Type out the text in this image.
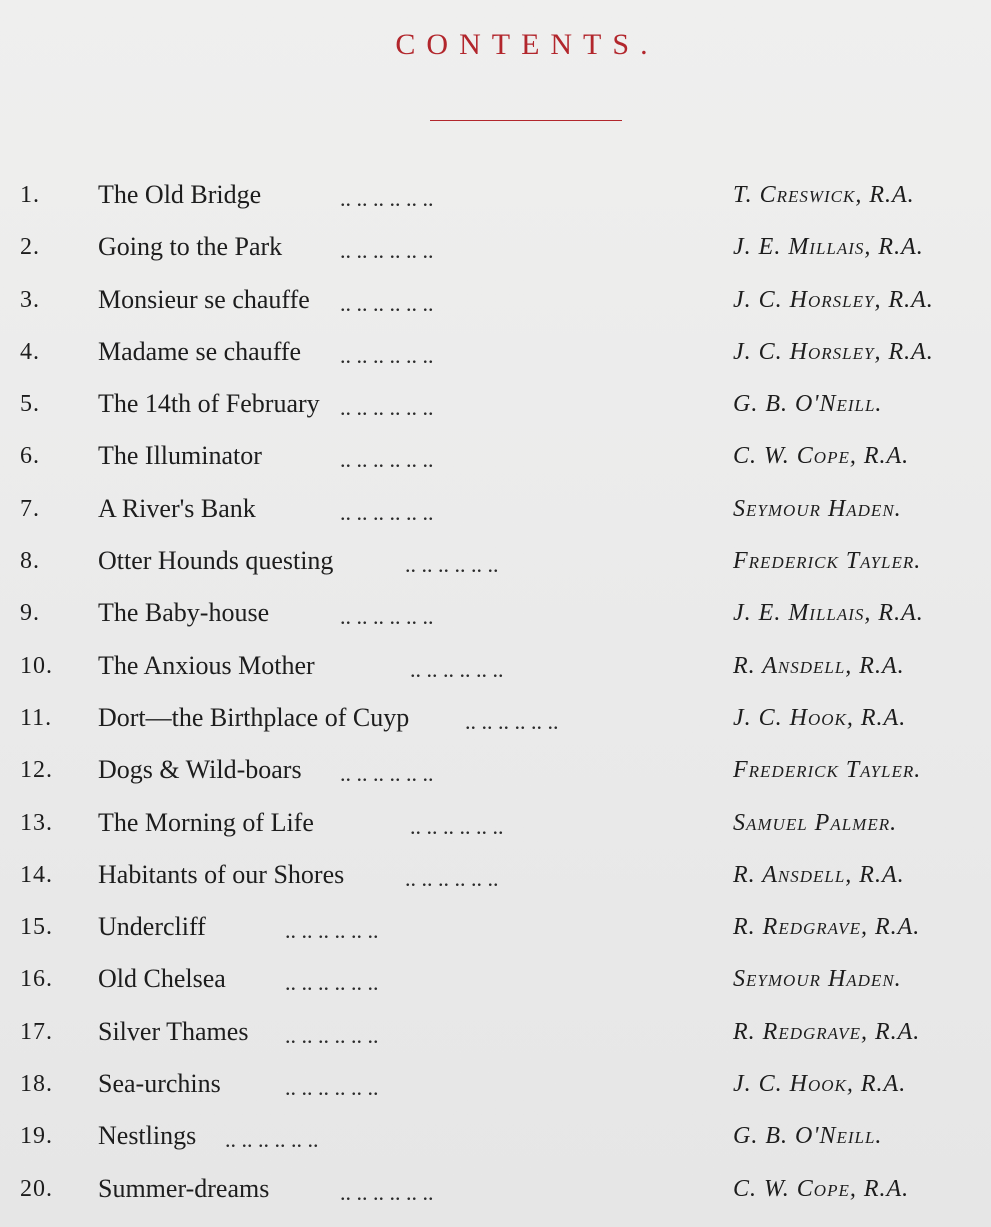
CONTENTS.
1.	The Old Bridge	.. .. .. .. .. ..	T. Creswick, R.A.
2.	Going to the Park	.. .. .. .. .. ..	J. E. Millais, R.A.
3.	Monsieur se chauffe .. .. .. .. .. ..	J. C. Horsley, R.A.
4.	Madame se chauffe .. .. .. .. .. ..	J. C. Horsley, R.A.
5.	The 14th of February .. .. .. .. .. ..	G. B. O'Neill.
6.	The Illuminator	.. .. .. .. .. ..	C. W. Cope, R.A.
7.	A River's Bank	.. .. .. .. .. ..	Seymour Haden.
8.	Otter Hounds questing	.. .. .. .. .. ..	Frederick Tayler.
9.	The Baby-house	.. .. .. .. .. ..	J. E. Millais, R.A.
10.	The Anxious Mother	.. .. .. .. .. ..	R. Ansdell, R.A.
11.	Dort—the Birthplace of Cuyp	.. .. .. .. .. ..	J. C. Hook, R.A.
12.	Dogs & Wild-boars .. .. .. .. .. ..	Frederick Tayler.
13.	The Morning of Life	.. .. .. .. .. ..	Samuel Palmer.
14.	Habitants of our Shores	.. .. .. .. .. ..	R. Ansdell, R.A.
15.	Undercliff	.. .. .. .. .. ..	R. Redgrave, R.A.
16.	Old Chelsea	.. .. .. .. .. ..	Seymour Haden.
17.	Silver Thames .. .. .. .. .. ..	R. Redgrave, R.A.
18.	Sea-urchins	.. .. .. .. .. ..	J. C. Hook, R.A.
19.	Nestlings .. .. .. .. .. ..	G. B. O'Neill.
20.	Summer-dreams	.. .. .. .. .. ..	C. W. Cope, R.A.
